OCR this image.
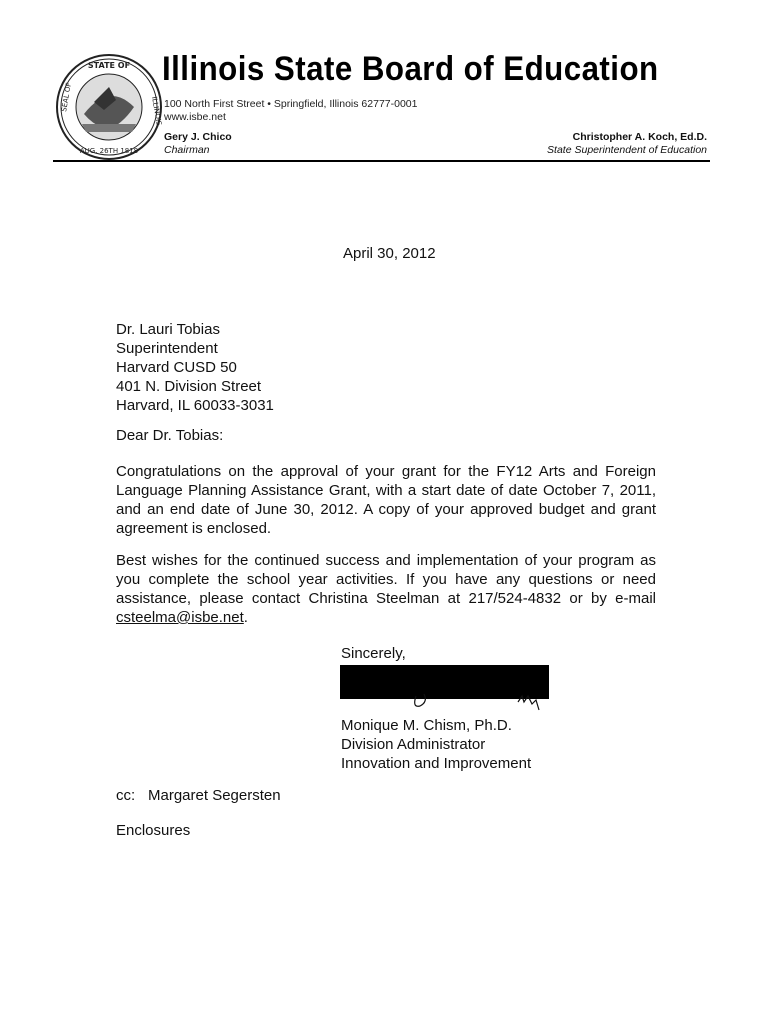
STATE OF
AUG. 26TH 1818
SEAL OF	ILLINOIS
Illinois State Board of Education
100 North First Street • Springfield, Illinois 62777-0001
www.isbe.net
Gery J. Chico
Chairman
Christopher A. Koch, Ed.D.
State Superintendent of Education
April 30, 2012
Dr. Lauri Tobias
Superintendent
Harvard CUSD 50
401 N. Division Street
Harvard, IL 60033-3031
Dear Dr. Tobias:
Congratulations on the approval of your grant for the FY12 Arts and Foreign Language Planning Assistance Grant, with a start date of date October 7, 2011, and an end date of June 30, 2012. A copy of your approved budget and grant agreement is enclosed.
Best wishes for the continued success and implementation of your program as you complete the school year activities. If you have any questions or need assistance, please contact Christina Steelman at 217/524-4832 or by e-mail csteelma@isbe.net.
Sincerely,
Monique M. Chism, Ph.D.
Division Administrator
Innovation and Improvement
cc: Margaret Segersten
Enclosures
